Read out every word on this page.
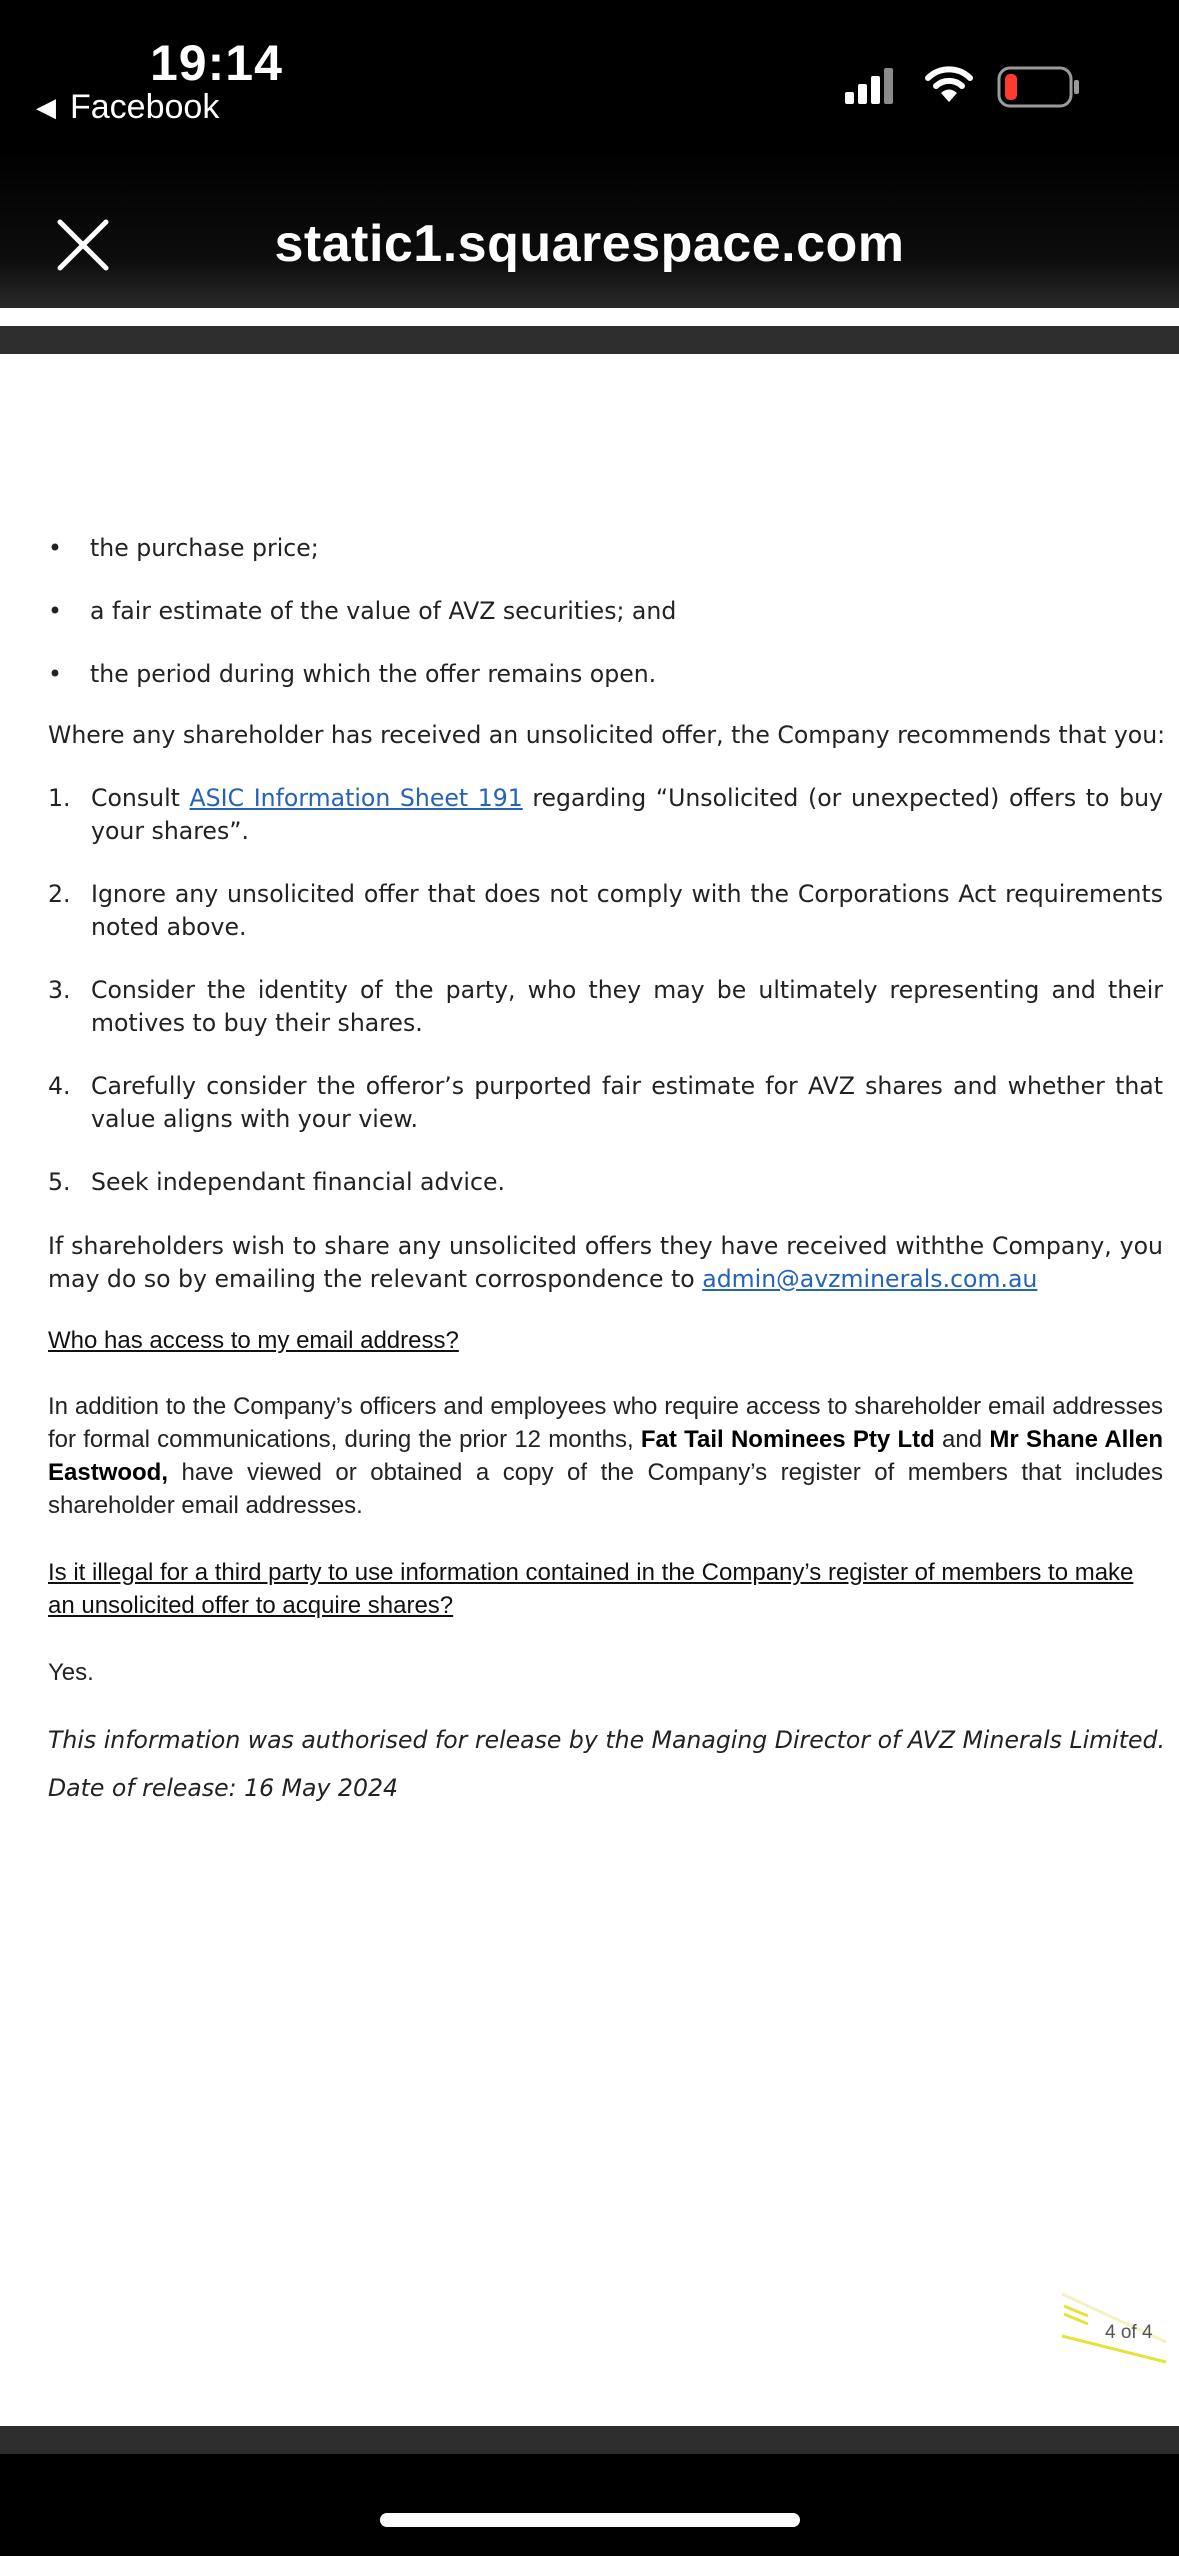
19:14
◀ Facebook
static1.squarespace.com
• the purchase price;
• a fair estimate of the value of AVZ securities; and
• the period during which the offer remains open.
Where any shareholder has received an unsolicited offer, the Company recommends that you:
1. Consult ASIC Information Sheet 191 regarding “Unsolicited (or unexpected) offers to buy your shares”.
2. Ignore any unsolicited offer that does not comply with the Corporations Act requirements noted above.
3. Consider the identity of the party, who they may be ultimately representing and their motives to buy their shares.
4. Carefully consider the offeror’s purported fair estimate for AVZ shares and whether that value aligns with your view.
5. Seek independant financial advice.
If shareholders wish to share any unsolicited offers they have received withthe Company, you may do so by emailing the relevant corrospondence to admin@avzminerals.com.au
Who has access to my email address?
In addition to the Company’s officers and employees who require access to shareholder email addresses for formal communications, during the prior 12 months, Fat Tail Nominees Pty Ltd and Mr Shane Allen Eastwood, have viewed or obtained a copy of the Company’s register of members that includes shareholder email addresses.
Is it illegal for a third party to use information contained in the Company’s register of members to make an unsolicited offer to acquire shares?
Yes.
This information was authorised for release by the Managing Director of AVZ Minerals Limited.
Date of release: 16 May 2024
4 of 4
